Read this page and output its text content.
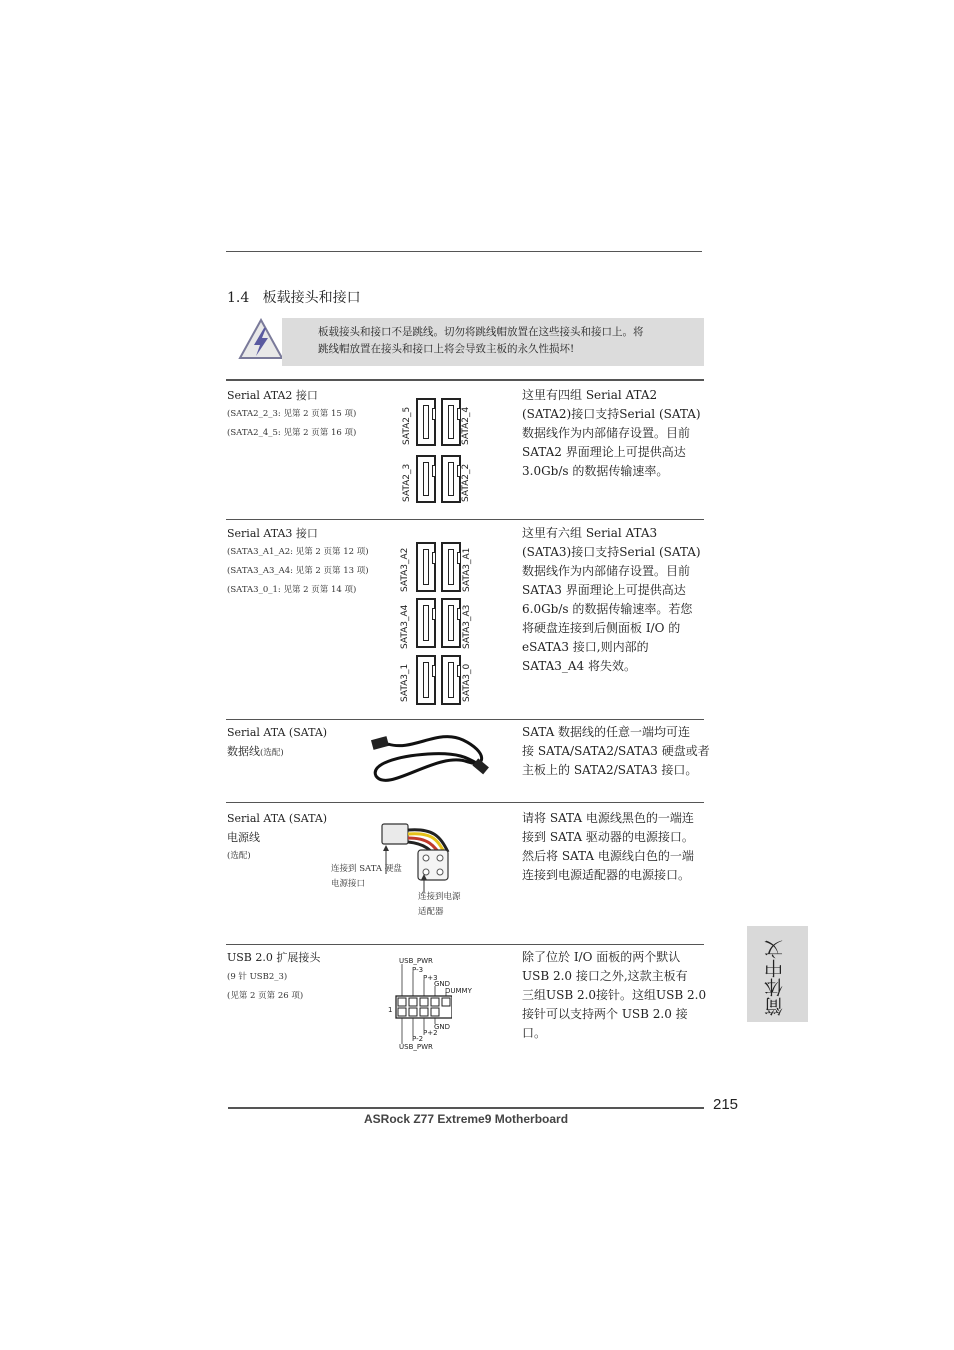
1.4 板载接头和接口
板载接头和接口不是跳线。切勿将跳线帽放置在这些接头和接口上。将
跳线帽放置在接头和接口上将会导致主板的永久性损坏!
Serial ATA2 接口
(SATA2_2_3: 见第 2 页第 15 项)
(SATA2_4_5: 见第 2 页第 16 项)	SATA2_5	SATA2_4
SATA2_3	SATA2_2
这里有四组 Serial ATA2
(SATA2)接口支持Serial (SATA)
数据线作为内部储存设置。目前
SATA2 界面理论上可提供高达
3.0Gb/s 的数据传输速率。
Serial ATA3 接口
(SATA3_A1_A2: 见第 2 页第 12 项)
(SATA3_A3_A4: 见第 2 页第 13 项)
(SATA3_0_1: 见第 2 页第 14 项)	SATA3_A2	SATA3_A1
SATA3_A4	SATA3_A3
SATA3_1	SATA3_0
这里有六组 Serial ATA3
(SATA3)接口支持Serial (SATA)
数据线作为内部储存设置。目前
SATA3 界面理论上可提供高达
6.0Gb/s 的数据传输速率。若您
将硬盘连接到后侧面板 I/O 的
eSATA3 接口,则内部的
SATA3_A4 将失效。
Serial ATA (SATA)
数据线(选配)
SATA 数据线的任意一端均可连
接 SATA/SATA2/SATA3 硬盘或者
主板上的 SATA2/SATA3 接口。
Serial ATA (SATA)
电源线
(选配)
连接到 SATA 硬盘
电源接口
连接到电源
适配器
请将 SATA 电源线黑色的一端连
接到 SATA 驱动器的电源接口。
然后将 SATA 电源线白色的一端
连接到电源适配器的电源接口。
USB 2.0 扩展接头
(9 针 USB2_3)
(见第 2 页第 26 项)
USB_PWR
P-3
P+3
GND
DUMMY
1
GND
P+2
P-2
USB_PWR
除了位於 I/O 面板的两个默认
USB 2.0 接口之外,这款主板有
三组USB 2.0接针。这组USB 2.0
接针可以支持两个 USB 2.0 接
口。
简体中文
215
ASRock Z77 Extreme9 Motherboard
